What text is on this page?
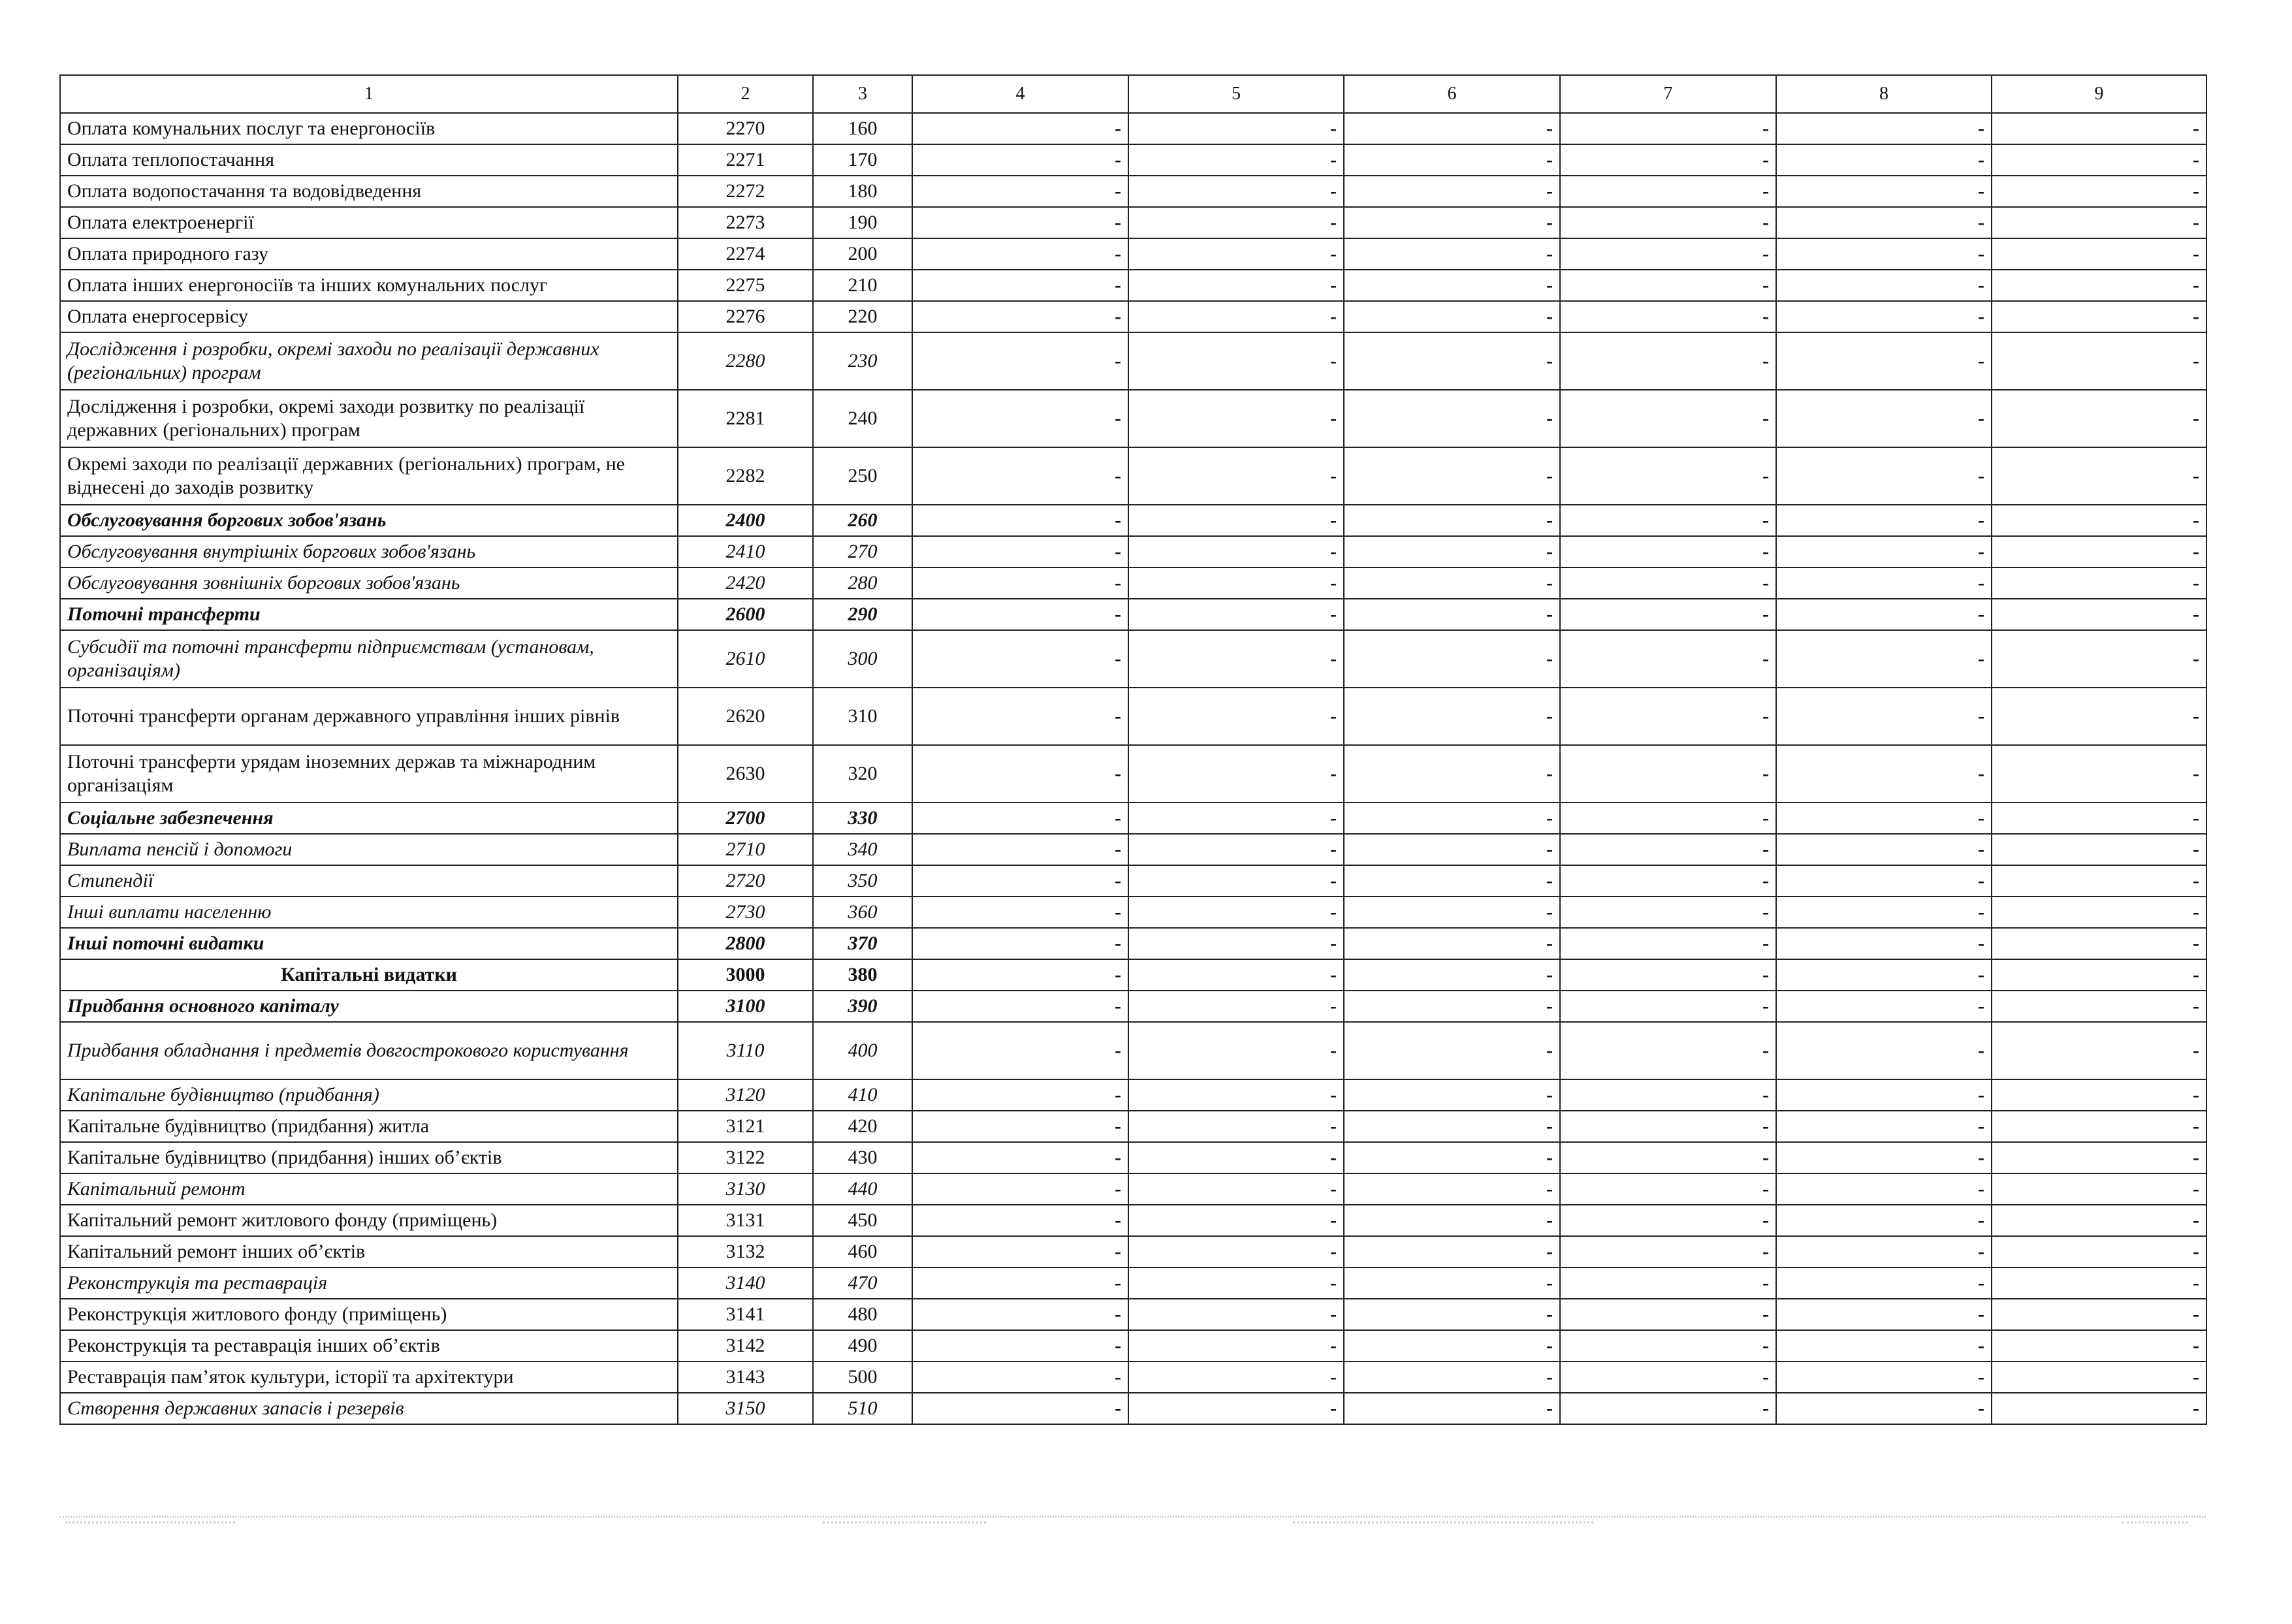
1	2	3	4	5	6	7	8	9
Оплата комунальних послуг та енергоносіїв	2270	160	-	-	-	-	-	-
Оплата теплопостачання	2271	170	-	-	-	-	-	-
Оплата водопостачання та водовідведення	2272	180	-	-	-	-	-	-
Оплата електроенергії	2273	190	-	-	-	-	-	-
Оплата природного газу	2274	200	-	-	-	-	-	-
Оплата інших енергоносіїв та інших комунальних послуг	2275	210	-	-	-	-	-	-
Оплата енергосервісу	2276	220	-	-	-	-	-	-
Дослідження і розробки, окремі заходи по реалізації державних (регіональних) програм	2280	230	-	-	-	-	-	-
Дослідження і розробки, окремі заходи розвитку по реалізації державних (регіональних) програм	2281	240	-	-	-	-	-	-
Окремі заходи по реалізації державних (регіональних) програм, не віднесені до заходів розвитку	2282	250	-	-	-	-	-	-
Обслуговування боргових зобов'язань	2400	260	-	-	-	-	-	-
Обслуговування внутрішніх боргових зобов'язань	2410	270	-	-	-	-	-	-
Обслуговування зовнішніх боргових зобов'язань	2420	280	-	-	-	-	-	-
Поточні трансферти	2600	290	-	-	-	-	-	-
Субсидії та поточні трансферти підприємствам (установам, організаціям)	2610	300	-	-	-	-	-	-
Поточні трансферти органам державного управління інших рівнів	2620	310	-	-	-	-	-	-
Поточні трансферти урядам іноземних держав та міжнародним організаціям	2630	320	-	-	-	-	-	-
Соціальне забезпечення	2700	330	-	-	-	-	-	-
Виплата пенсій і допомоги	2710	340	-	-	-	-	-	-
Стипендії	2720	350	-	-	-	-	-	-
Інші виплати населенню	2730	360	-	-	-	-	-	-
Інші поточні видатки	2800	370	-	-	-	-	-	-
Капітальні видатки	3000	380	-	-	-	-	-	-
Придбання основного капіталу	3100	390	-	-	-	-	-	-
Придбання обладнання і предметів довгострокового користування	3110	400	-	-	-	-	-	-
Капітальне будівництво (придбання)	3120	410	-	-	-	-	-	-
Капітальне будівництво (придбання) житла	3121	420	-	-	-	-	-	-
Капітальне будівництво (придбання) інших об’єктів	3122	430	-	-	-	-	-	-
Капітальний ремонт	3130	440	-	-	-	-	-	-
Капітальний ремонт житлового фонду (приміщень)	3131	450	-	-	-	-	-	-
Капітальний ремонт інших об’єктів	3132	460	-	-	-	-	-	-
Реконструкція та реставрація	3140	470	-	-	-	-	-	-
Реконструкція житлового фонду (приміщень)	3141	480	-	-	-	-	-	-
Реконструкція та реставрація інших об’єктів	3142	490	-	-	-	-	-	-
Реставрація пам’яток культури, історії та архітектури	3143	500	-	-	-	-	-	-
Створення державних запасів і резервів	3150	510	-	-	-	-	-	-
